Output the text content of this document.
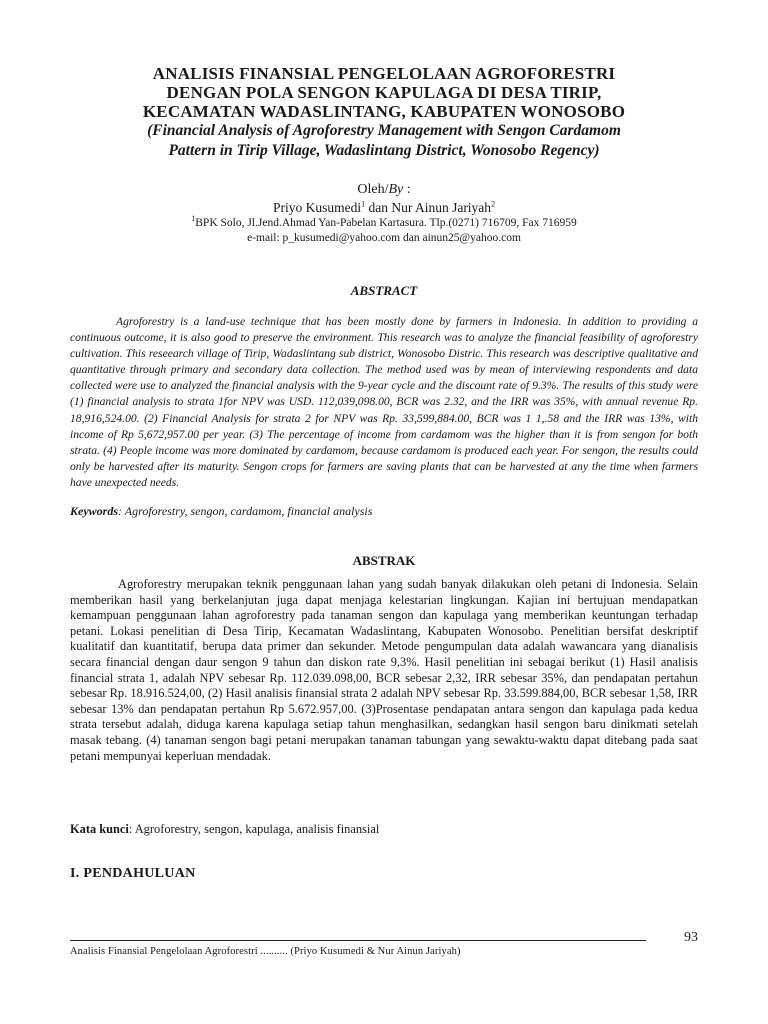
ANALISIS FINANSIAL PENGELOLAAN AGROFORESTRI

DENGAN POLA SENGON KAPULAGA DI DESA TIRIP,

KECAMATAN WADASLINTANG, KABUPATEN WONOSOBO

(Financial Analysis of Agroforestry Management with Sengon Cardamom

Pattern in Tirip Village, Wadaslintang District, Wonosobo Regency)

Oleh/By :

Priyo Kusumedi$^1$ dan Nur Ainun Jariyah$^2$

$^1$BPK Solo, Jl.Jend.Ahmad Yan-Pabelan Kartasura. Tlp.(0271) 716709, Fax 716959

e-mail: p_kusumedi@yahoo.com dan ainun25@yahoo.com

ABSTRACT

Agroforestry is a land-use technique that has been mostly done by farmers in Indonesia. In addition to providing a continuous outcome, it is also good to preserve the environment. This research was to analyze the financial feasibility of agroforestry cultivation. This reseearch village of Tirip, Wadaslintang sub district, Wonosobo Distric. This research was descriptive qualitative and quantitative through primary and secondary data collection. The method used was by mean of interviewing respondents and data collected were use to analyzed the financial analysis with the 9-year cycle and the discount rate of 9.3%. The results of this study were (1) financial analysis to strata 1for NPV was USD. 112,039,098.00, BCR was 2.32, and the IRR was 35%, with annual revenue Rp. 18,916,524.00. (2) Financial Analysis for strata 2 for NPV was Rp. 33,599,884.00, BCR was 1 1,.58 and the IRR was 13%, with income of Rp 5,672,957.00 per year. (3) The percentage of income from cardamom was the higher than it is from sengon for both strata. (4) People income was more dominated by cardamom, because cardamom is produced each year. For sengon, the results could only be harvested after its maturity. Sengon crops for farmers are saving plants that can be harvested at any the time when farmers have unexpected needs.

Keywords: Agroforestry, sengon, cardamom, financial analysis

ABSTRAK

Agroforestry merupakan teknik penggunaan lahan yang sudah banyak dilakukan oleh petani di Indonesia. Selain memberikan hasil yang berkelanjutan juga dapat menjaga kelestarian lingkungan. Kajian ini bertujuan mendapatkan kemampuan penggunaan lahan agroforestry pada tanaman sengon dan kapulaga yang memberikan keuntungan terhadap petani. Lokasi penelitian di Desa Tirip, Kecamatan Wadaslintang, Kabupaten Wonosobo. Penelitian bersifat deskriptif kualitatif dan kuantitatif, berupa data primer dan sekunder. Metode pengumpulan data adalah wawancara yang dianalisis secara financial dengan daur sengon 9 tahun dan diskon rate 9,3%. Hasil penelitian ini sebagai berikut (1) Hasil analisis financial strata 1, adalah NPV sebesar Rp. 112.039.098,00, BCR sebesar 2,32, IRR sebesar 35%, dan pendapatan pertahun sebesar Rp. 18.916.524,00, (2) Hasil analisis finansial strata 2 adalah NPV sebesar Rp. 33.599.884,00, BCR sebesar 1,58, IRR sebesar 13% dan pendapatan pertahun Rp 5.672.957,00. (3)Prosentase pendapatan antara sengon dan kapulaga pada kedua strata tersebut adalah, diduga karena kapulaga setiap tahun menghasilkan, sedangkan hasil sengon baru dinikmati setelah masak tebang. (4) tanaman sengon bagi petani merupakan tanaman tabungan yang sewaktu-waktu dapat ditebang pada saat petani mempunyai keperluan mendadak.

Kata kunci: Agroforestry, sengon, kapulaga, analisis finansial

I. PENDAHULUAN

93
Analisis Finansial Pengelolaan Agroforestri .......... (Priyo Kusumedi & Nur Ainun Jariyah)
